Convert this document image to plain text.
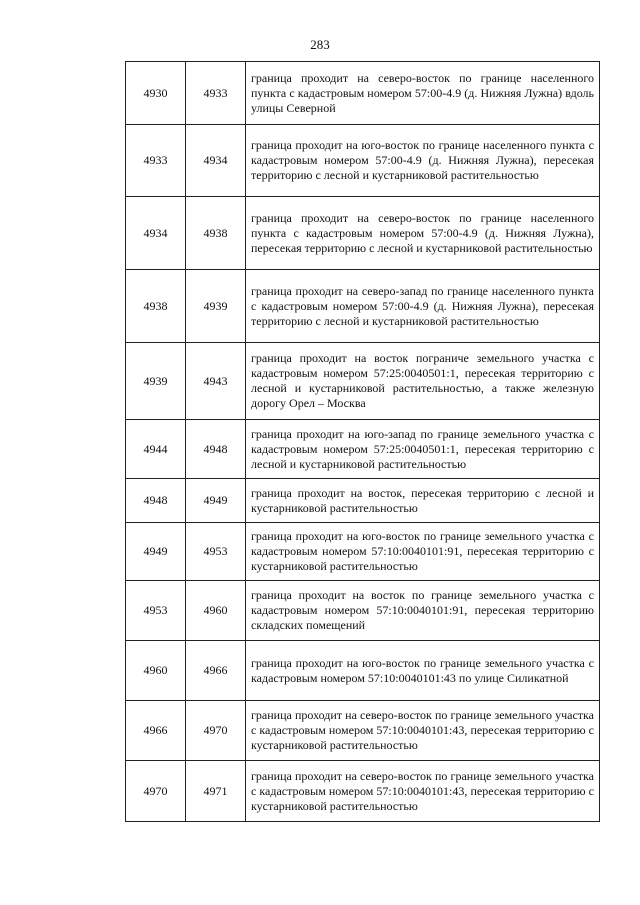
283
4930	4933	граница проходит на северо-восток по границе населенного пункта с кадастровым номером 57:00-4.9 (д. Нижняя Лужна) вдоль улицы Северной
4933	4934	граница проходит на юго-восток по границе населенного пункта с кадастровым номером 57:00-4.9 (д. Нижняя Лужна), пересекая территорию с лесной и кустарниковой растительностью
4934	4938	граница проходит на северо-восток по границе населенного пункта с кадастровым номером 57:00-4.9 (д. Нижняя Лужна), пересекая территорию с лесной и кустарниковой растительностью
4938	4939	граница проходит на северо-запад по границе населенного пункта с кадастровым номером 57:00-4.9 (д. Нижняя Лужна), пересекая территорию с лесной и кустарниковой растительностью
4939	4943	граница проходит на восток пограниче земельного участка с кадастровым номером 57:25:0040501:1, пересекая территорию с лесной и кустарниковой растительностью, а также железную дорогу Орел – Москва
4944	4948	граница проходит на юго-запад по границе земельного участка с кадастровым номером 57:25:0040501:1, пересекая территорию с лесной и кустарниковой растительностью
4948	4949	граница проходит на восток, пересекая территорию с лесной и кустарниковой растительностью
4949	4953	граница проходит на юго-восток по границе земельного участка с кадастровым номером 57:10:0040101:91, пересекая территорию с кустарниковой растительностью
4953	4960	граница проходит на восток по границе земельного участка с кадастровым номером 57:10:0040101:91, пересекая территорию складских помещений
4960	4966	граница проходит на юго-восток по границе земельного участка с кадастровым номером 57:10:0040101:43 по улице Силикатной
4966	4970	граница проходит на северо-восток по границе земельного участка с кадастровым номером 57:10:0040101:43, пересекая территорию с кустарниковой растительностью
4970	4971	граница проходит на северо-восток по границе земельного участка с кадастровым номером 57:10:0040101:43, пересекая территорию с кустарниковой растительностью
